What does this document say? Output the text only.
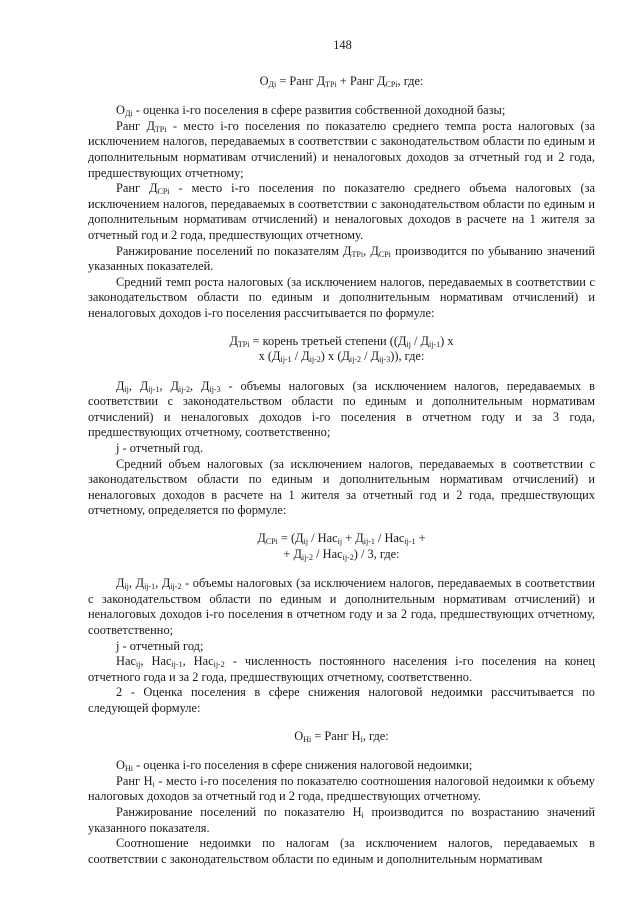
148
$О_{Дi}$ = Ранг $Д_{ТРi}$ + Ранг $Д_{СРi}$, где:

$О_{Дi}$ - оценка i-го поселения в сфере развития собственной доходной базы;

Ранг $Д_{ТРi}$ - место i-го поселения по показателю среднего темпа роста налоговых (за исключением налогов, передаваемых в соответствии с законодательством области по единым и дополнительным нормативам отчислений) и неналоговых доходов за отчетный год и 2 года, предшествующих отчетному;

Ранг $Д_{СРi}$ - место i-го поселения по показателю среднего объема налоговых (за исключением налогов, передаваемых в соответствии с законодательством области по единым и дополнительным нормативам отчислений) и неналоговых доходов в расчете на 1 жителя за отчетный год и 2 года, предшествующих отчетному.

Ранжирование поселений по показателям $Д_{ТРi}$, $Д_{СРi}$ производится по убыванию значений указанных показателей.

Средний темп роста налоговых (за исключением налогов, передаваемых в соответствии с законодательством области по единым и дополнительным нормативам отчислений) и неналоговых доходов i-го поселения рассчитывается по формуле:

$Д_{ТРi}$ = корень третьей степени ($(Д_{ij} / Д_{ij-1})$ x
x $(Д_{ij-1} / Д_{ij-2})$ x $(Д_{ij-2} / Д_{ij-3})$), где:

$Д_{ij}$, $Д_{ij-1}$, $Д_{ij-2}$, $Д_{ij-3}$ - объемы налоговых (за исключением налогов, передаваемых в соответствии с законодательством области по единым и дополнительным нормативам отчислений) и неналоговых доходов i-го поселения в отчетном году и за 3 года, предшествующих отчетному, соответственно;

j - отчетный год.

Средний объем налоговых (за исключением налогов, передаваемых в соответствии с законодательством области по единым и дополнительным нормативам отчислений) и неналоговых доходов в расчете на 1 жителя за отчетный год и 2 года, предшествующих отчетному, определяется по формуле:

$Д_{СРi} = (Д_{ij} / Нас_{ij} + Д_{ij-1} / Нас_{ij-1}$ +
+ $Д_{ij-2} / Нас_{ij-2}) / 3$, где:

$Д_{ij}$, $Д_{ij-1}$, $Д_{ij-2}$ - объемы налоговых (за исключением налогов, передаваемых в соответствии с законодательством области по единым и дополнительным нормативам отчислений) и неналоговых доходов i-го поселения в отчетном году и за 2 года, предшествующих отчетному, соответственно;

j - отчетный год;

Нас$_{ij}$, Нас$_{ij-1}$, Нас$_{ij-2}$ - численность постоянного населения i-го поселения на конец отчетного года и за 2 года, предшествующих отчетному, соответственно.

2 - Оценка поселения в сфере снижения налоговой недоимки рассчитывается по следующей формуле:

$О_{Нi}$ = Ранг $Н_i$, где:

$О_{Нi}$ - оценка i-го поселения в сфере снижения налоговой недоимки;

Ранг $Н_i$ - место i-го поселения по показателю соотношения налоговой недоимки к объему налоговых доходов за отчетный год и 2 года, предшествующих отчетному.

Ранжирование поселений по показателю $Н_i$ производится по возрастанию значений указанного показателя.

Соотношение недоимки по налогам (за исключением налогов, передаваемых в соответствии с законодательством области по единым и дополнительным нормативам
